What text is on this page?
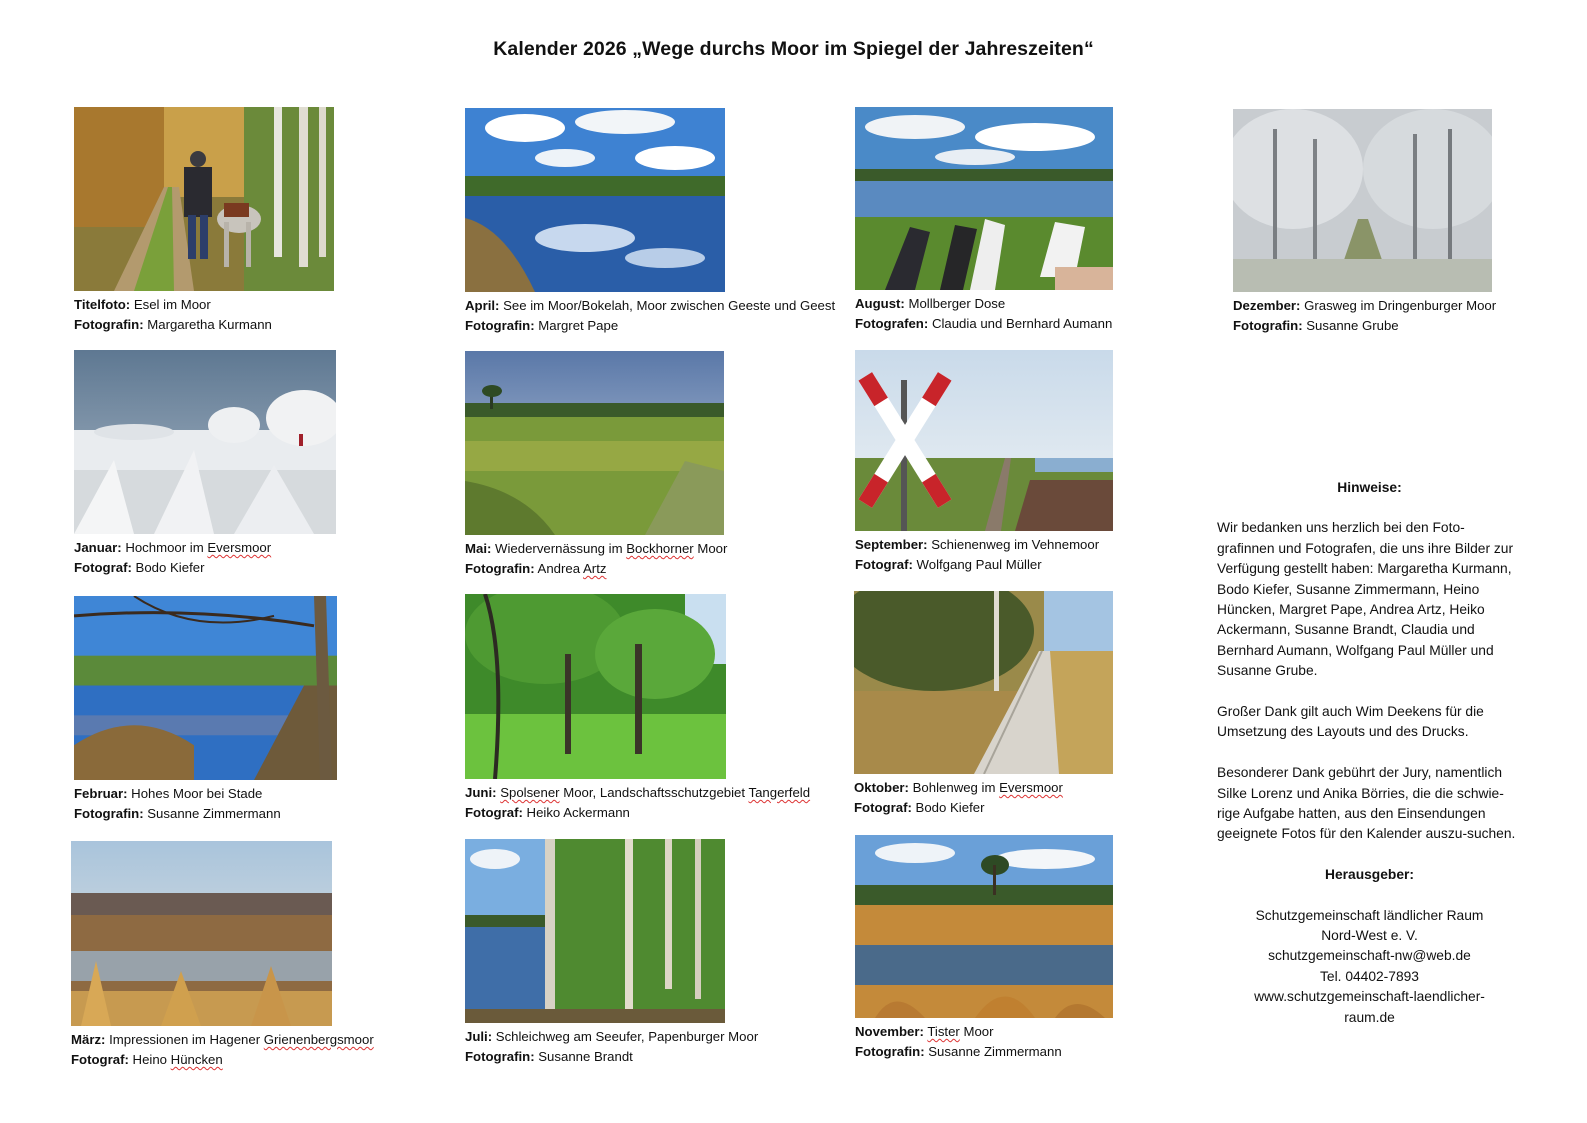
Kalender 2026 „Wege durchs Moor im Spiegel der Jahreszeiten“
Titelfoto: Esel im Moor
Fotografin: Margaretha Kurmann
Januar: Hochmoor im Eversmoor
Fotograf: Bodo Kiefer
Februar: Hohes Moor bei Stade
Fotografin: Susanne Zimmermann
März: Impressionen im Hagener Grienenbergsmoor
Fotograf: Heino Hüncken
April: See im Moor/Bokelah, Moor zwischen Geeste und Geest
Fotografin: Margret Pape
Mai: Wiedervernässung im Bockhorner Moor
Fotografin: Andrea Artz
Juni: Spolsener Moor, Landschaftsschutzgebiet Tangerfeld
Fotograf: Heiko Ackermann
Juli: Schleichweg am Seeufer, Papenburger Moor
Fotografin: Susanne Brandt
August: Mollberger Dose
Fotografen: Claudia und Bernhard Aumann
September: Schienenweg im Vehnemoor
Fotograf: Wolfgang Paul Müller
Oktober: Bohlenweg im Eversmoor
Fotograf: Bodo Kiefer
November: Tister Moor
Fotografin: Susanne Zimmermann
Dezember: Grasweg im Dringenburger Moor
Fotografin: Susanne Grube
Hinweise:

Wir bedanken uns herzlich bei den Foto-grafinnen und Fotografen, die uns ihre Bilder zur Verfügung gestellt haben: Margaretha Kurmann, Bodo Kiefer, Susanne Zimmermann, Heino Hüncken, Margret Pape, Andrea Artz, Heiko Ackermann, Susanne Brandt, Claudia und Bernhard Aumann, Wolfgang Paul Müller und Susanne Grube.

Großer Dank gilt auch Wim Deekens für die Umsetzung des Layouts und des Drucks.

Besonderer Dank gebührt der Jury, namentlich Silke Lorenz und Anika Börries, die die schwie-rige Aufgabe hatten, aus den Einsendungen geeignete Fotos für den Kalender auszu-suchen.

Herausgeber:
Schutzgemeinschaft ländlicher Raum
Nord-West e. V.
schutzgemeinschaft-nw@web.de
Tel. 04402-7893
www.schutzgemeinschaft-laendlicher-
raum.de
